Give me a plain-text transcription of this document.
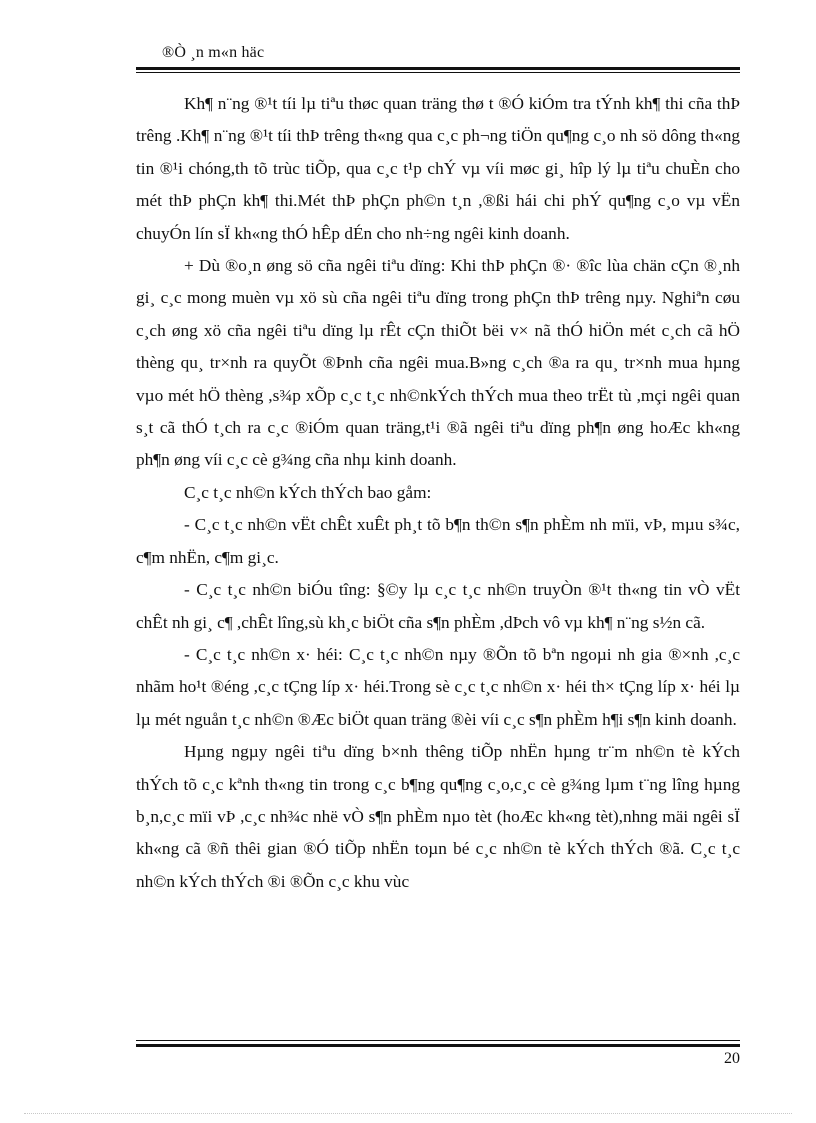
®Ò ¸n m«n häc

Kh¶ n¨ng ®¹t tíi lµ tiªu thøc quan träng thø t ®Ó kiÓm tra tÝnh kh¶ thi cña thÞ trêng .Kh¶ n¨ng ®¹t tíi thÞ trêng th«ng qua c¸c ph¬ng tiÖn qu¶ng c¸o nh sö dông th«ng tin ®¹i chóng,th tõ trùc tiÕp, qua c¸c t¹p chÝ vµ víi møc gi¸ hîp lý lµ tiªu chuÈn cho mét thÞ phÇn kh¶ thi.Mét thÞ phÇn ph©n t¸n ,®ßi hái chi phÝ qu¶ng c¸o vµ vËn chuyÓn lín sÏ kh«ng thÓ hÊp dÉn cho nh÷ng ngêi kinh doanh.

+ Dù ®o¸n øng sö cña ngêi tiªu dïng: Khi thÞ phÇn ®· ®îc lùa chän cÇn ®¸nh gi¸ c¸c mong muèn vµ xö sù cña ngêi tiªu dïng trong phÇn thÞ trêng nµy. Nghiªn cøu c¸ch øng xö cña ngêi tiªu dïng lµ rÊt cÇn thiÕt bëi v× nã thÓ hiÖn mét c¸ch cã hÖ thèng qu¸ tr×nh ra quyÕt ®Þnh cña ngêi mua.B»ng c¸ch ®a ra qu¸ tr×nh mua hµng vµo mét hÖ thèng ,s¾p xÕp c¸c t¸c nh©nkÝch thÝch mua theo trËt tù ,mçi ngêi quan s¸t cã thÓ t¸ch ra c¸c ®iÓm quan träng,t¹i ®ã ngêi tiªu dïng ph¶n øng hoÆc kh«ng ph¶n øng víi c¸c cè g¾ng cña nhµ kinh doanh.

C¸c t¸c nh©n kÝch thÝch bao gåm:

- C¸c t¸c nh©n vËt chÊt xuÊt ph¸t tõ b¶n th©n s¶n phÈm nh mïi, vÞ, mµu s¾c, c¶m nhËn, c¶m gi¸c.

- C¸c t¸c nh©n biÓu tîng: §©y lµ c¸c t¸c nh©n truyÒn ®¹t th«ng tin vÒ vËt chÊt nh gi¸ c¶ ,chÊt lîng,sù kh¸c biÖt cña s¶n phÈm ,dÞch vô vµ kh¶ n¨ng s½n cã.

- C¸c t¸c nh©n x· héi: C¸c t¸c nh©n nµy ®Õn tõ bªn ngoµi nh gia ®×nh ,c¸c nhãm ho¹t ®éng ,c¸c tÇng líp x· héi.Trong sè c¸c t¸c nh©n x· héi th× tÇng líp x· héi lµ lµ mét nguån t¸c nh©n ®Æc biÖt quan träng ®èi víi c¸c s¶n phÈm h¶i s¶n kinh doanh.

Hµng ngµy ngêi tiªu dïng b×nh thêng tiÕp nhËn hµng tr¨m nh©n tè kÝch thÝch tõ c¸c kªnh th«ng tin trong c¸c b¶ng qu¶ng c¸o,c¸c cè g¾ng lµm t¨ng lîng hµng b¸n,c¸c mïi vÞ ,c¸c nh¾c nhë vÒ s¶n phÈm nµo tèt (hoÆc kh«ng tèt),nhng mäi ngêi sÏ kh«ng cã ®ñ thêi gian ®Ó tiÕp nhËn toµn bé c¸c nh©n tè kÝch thÝch ®ã. C¸c t¸c nh©n kÝch thÝch ®i ®Õn c¸c khu vùc

20
